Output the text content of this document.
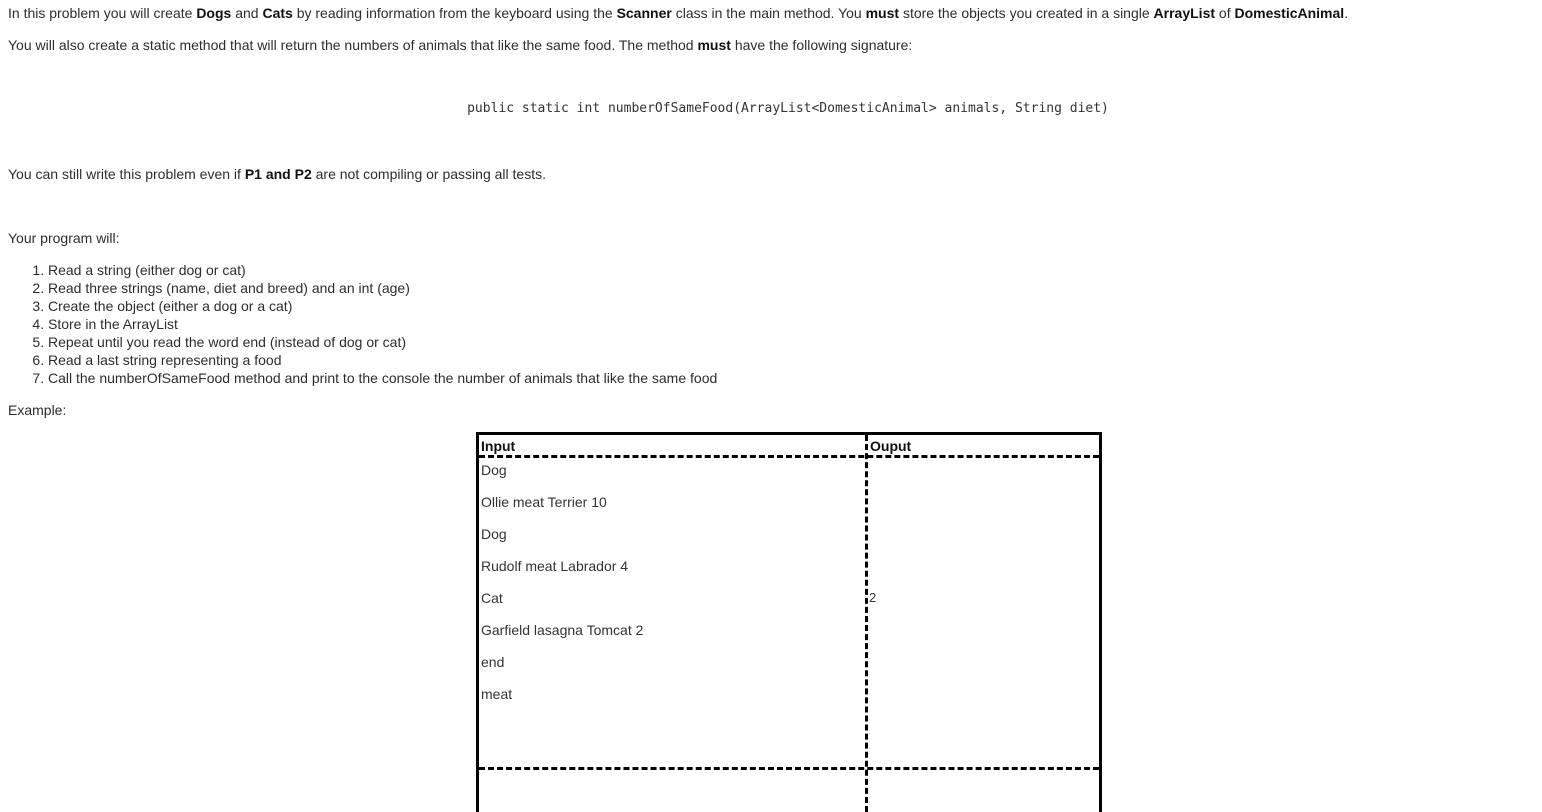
In this problem you will create Dogs and Cats by reading information from the keyboard using the Scanner class in the main method. You must store the objects you created in a single ArrayList of DomesticAnimal.

You will also create a static method that will return the numbers of animals that like the same food. The method must have the following signature:

public static int numberOfSameFood(ArrayList<DomesticAnimal> animals, String diet)

You can still write this problem even if P1 and P2 are not compiling or passing all tests.

Your program will:

1. Read a string (either dog or cat)
2. Read three strings (name, diet and breed) and an int (age)
3. Create the object (either a dog or a cat)
4. Store in the ArrayList
5. Repeat until you read the word end (instead of dog or cat)
6. Read a last string representing a food
7. Call the numberOfSameFood method and print to the console the number of animals that like the same food

Example:

Input	Ouput
Dog
Ollie meat Terrier 10
Dog
Rudolf meat Labrador 4
Cat
Garfield lasagna Tomcat 2
end
meat
2
